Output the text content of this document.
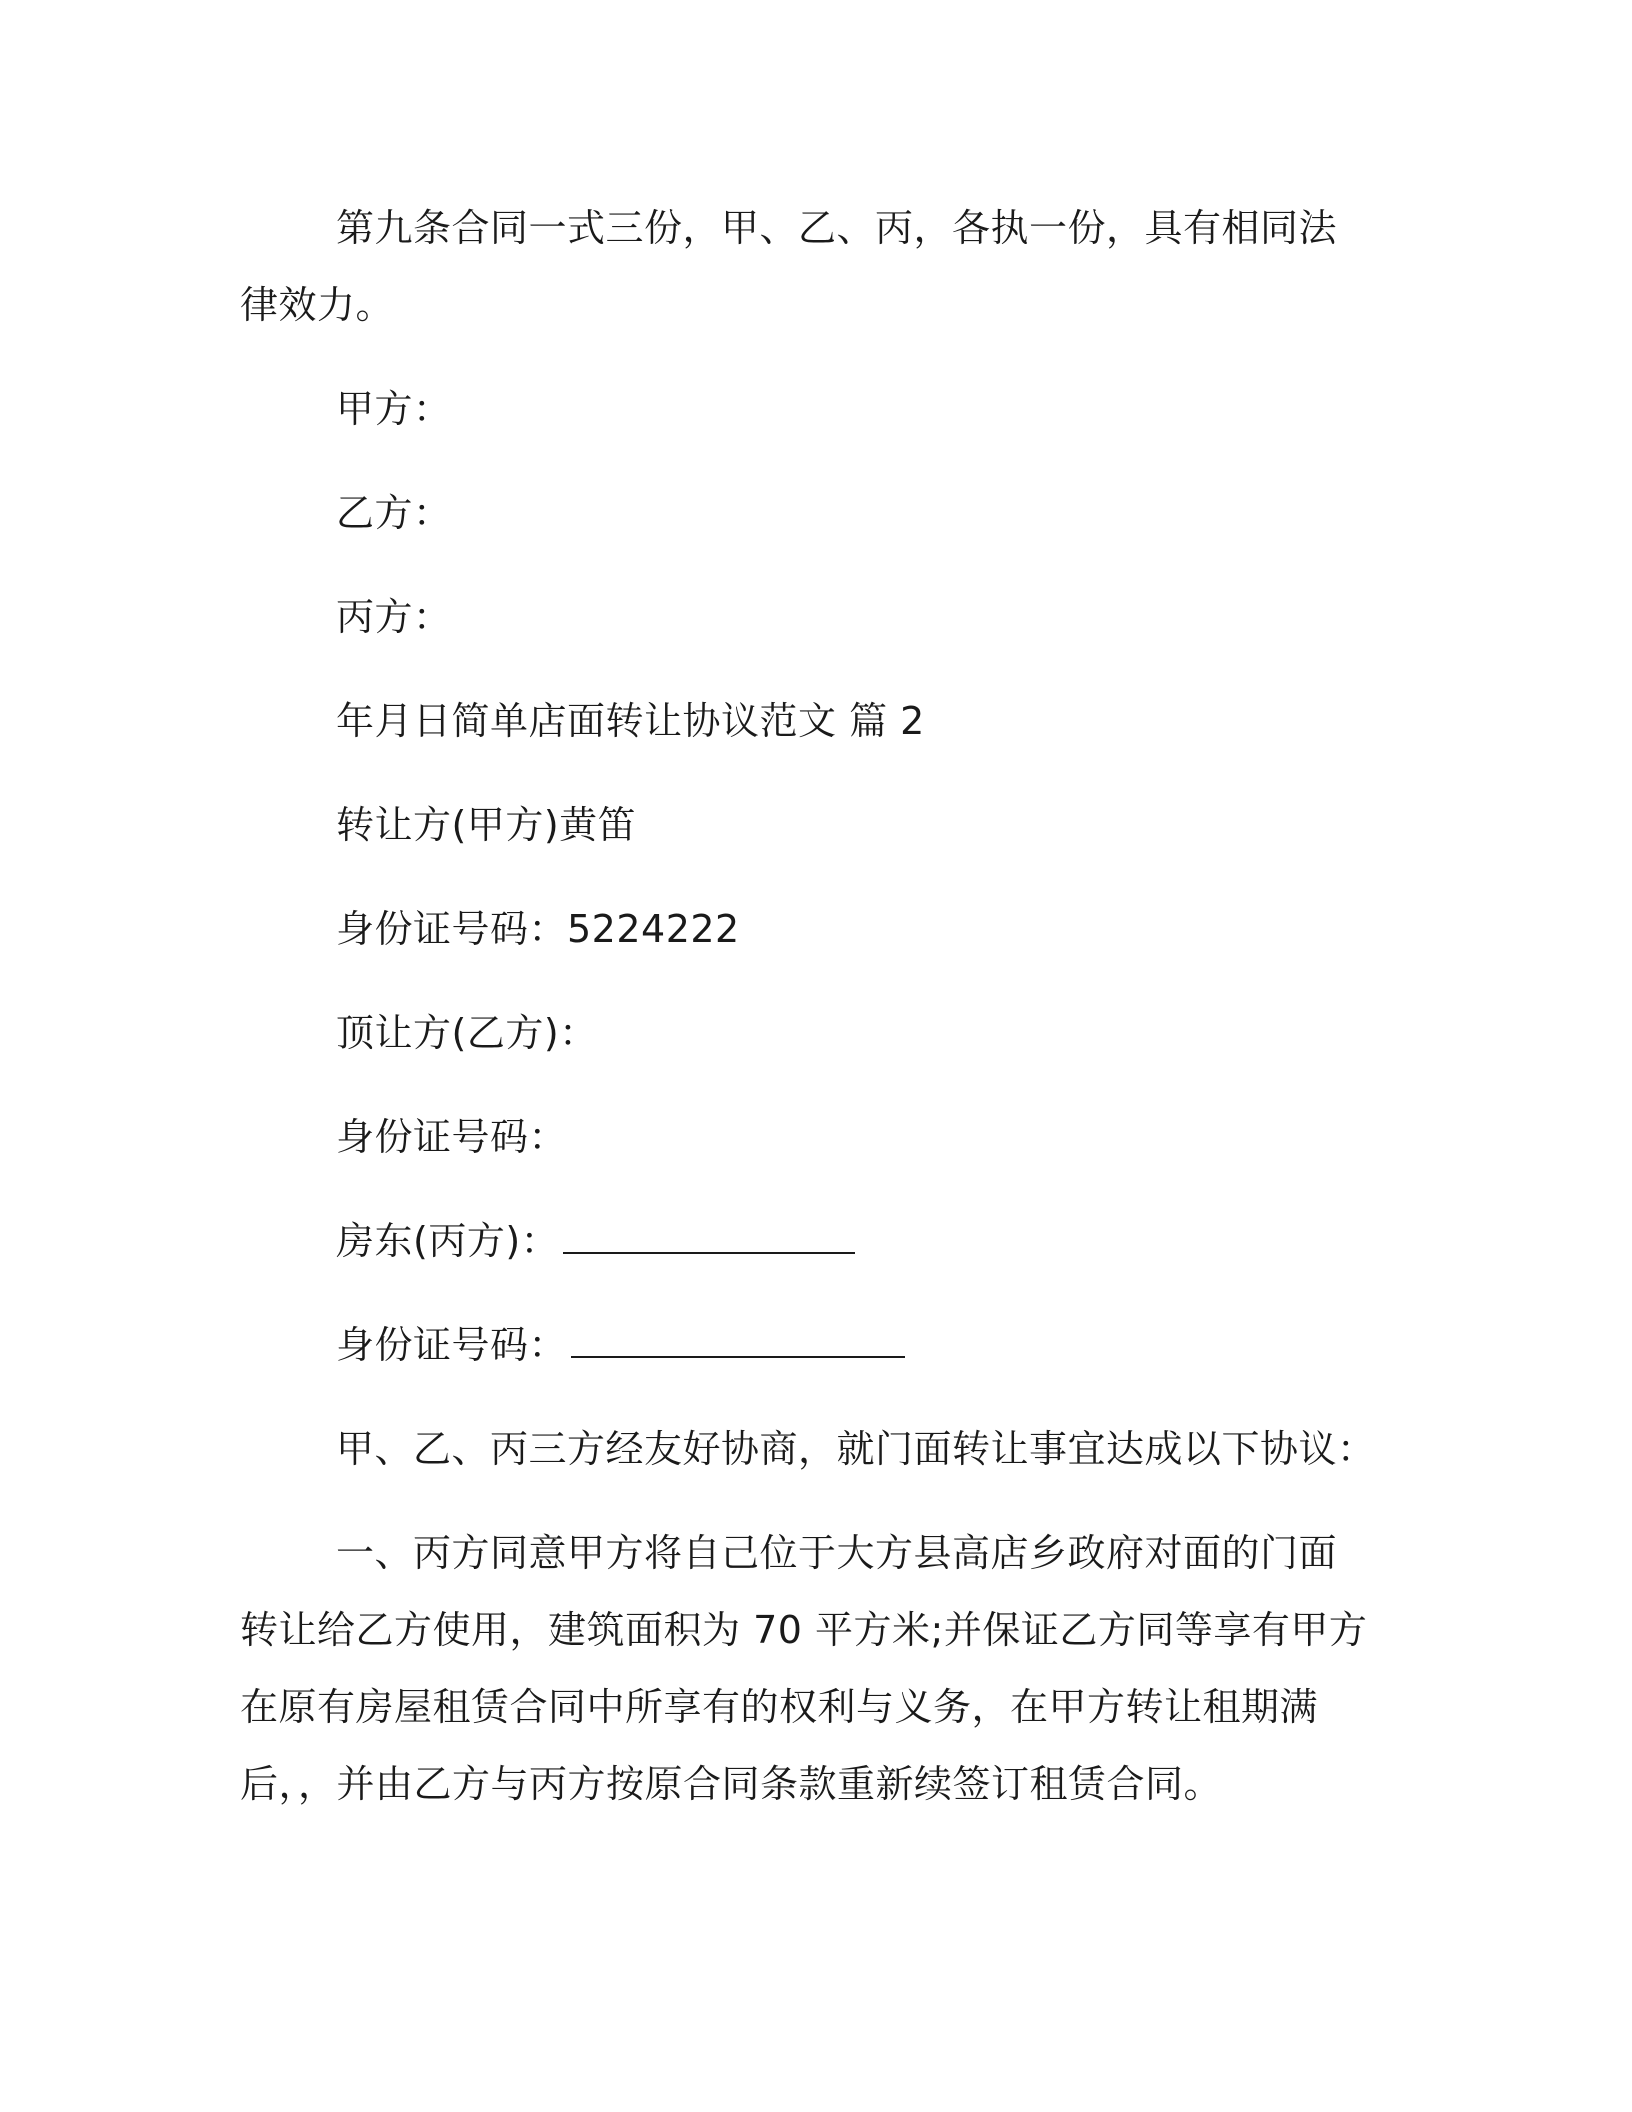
第九条合同一式三份，甲、乙、丙，各执一份，具有相同法律效力。

甲方：

乙方：

丙方：

年月日简单店面转让协议范文 篇 2

转让方(甲方)黄笛

身份证号码：5224222

顶让方(乙方)：

身份证号码：

房东(丙方)：

身份证号码：

甲、乙、丙三方经友好协商，就门面转让事宜达成以下协议：

一、丙方同意甲方将自己位于大方县高店乡政府对面的门面转让给乙方使用，建筑面积为 70 平方米;并保证乙方同等享有甲方在原有房屋租赁合同中所享有的权利与义务，在甲方转让租期满后，，并由乙方与丙方按原合同条款重新续签订租赁合同。
